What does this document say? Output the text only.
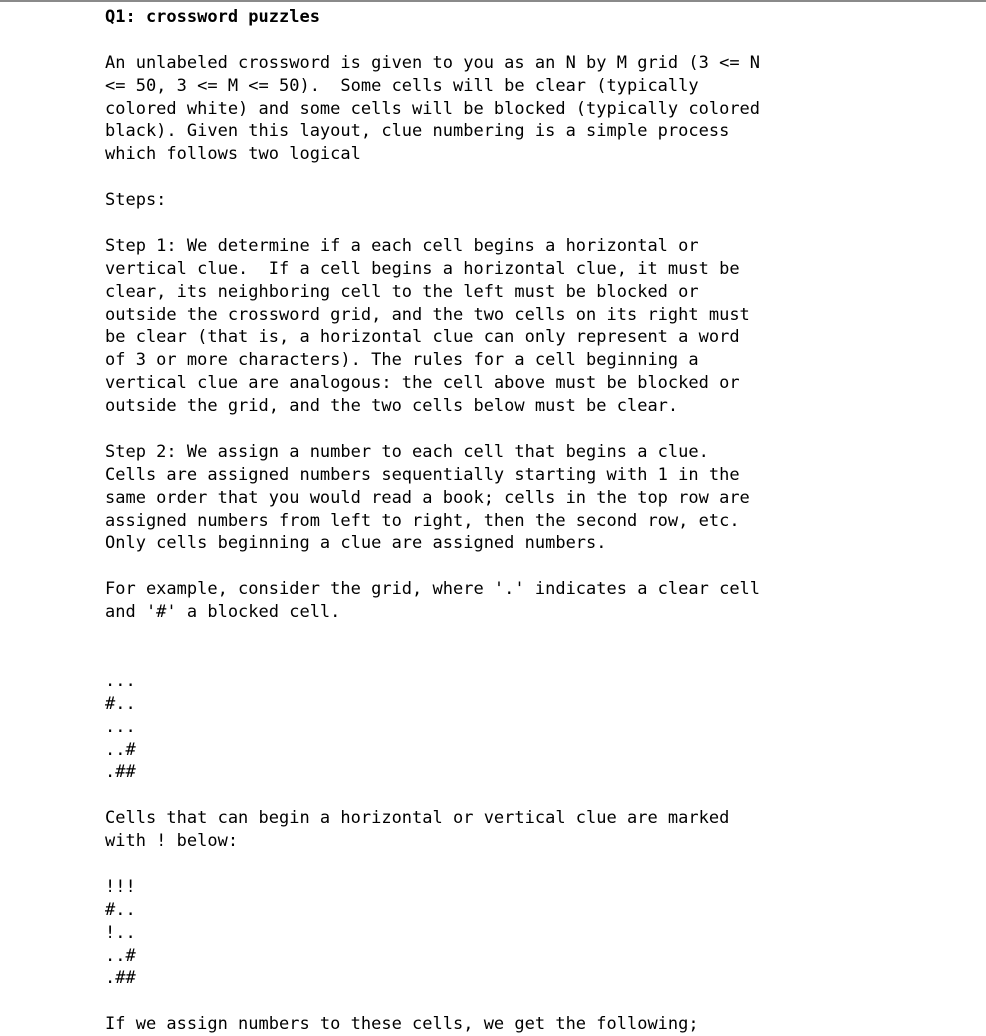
Q1: crossword puzzles
An unlabeled crossword is given to you as an N by M grid (3 <= N
<= 50, 3 <= M <= 50).  Some cells will be clear (typically
colored white) and some cells will be blocked (typically colored
black). Given this layout, clue numbering is a simple process
which follows two logical
Steps:
Step 1: We determine if a each cell begins a horizontal or
vertical clue.  If a cell begins a horizontal clue, it must be
clear, its neighboring cell to the left must be blocked or
outside the crossword grid, and the two cells on its right must
be clear (that is, a horizontal clue can only represent a word
of 3 or more characters). The rules for a cell beginning a
vertical clue are analogous: the cell above must be blocked or
outside the grid, and the two cells below must be clear.
Step 2: We assign a number to each cell that begins a clue.
Cells are assigned numbers sequentially starting with 1 in the
same order that you would read a book; cells in the top row are
assigned numbers from left to right, then the second row, etc.
Only cells beginning a clue are assigned numbers.
For example, consider the grid, where '.' indicates a clear cell
and '#' a blocked cell.
...
#..
...
..#
.##
Cells that can begin a horizontal or vertical clue are marked
with ! below:
!!!
#..
!..
..#
.##
If we assign numbers to these cells, we get the following;
